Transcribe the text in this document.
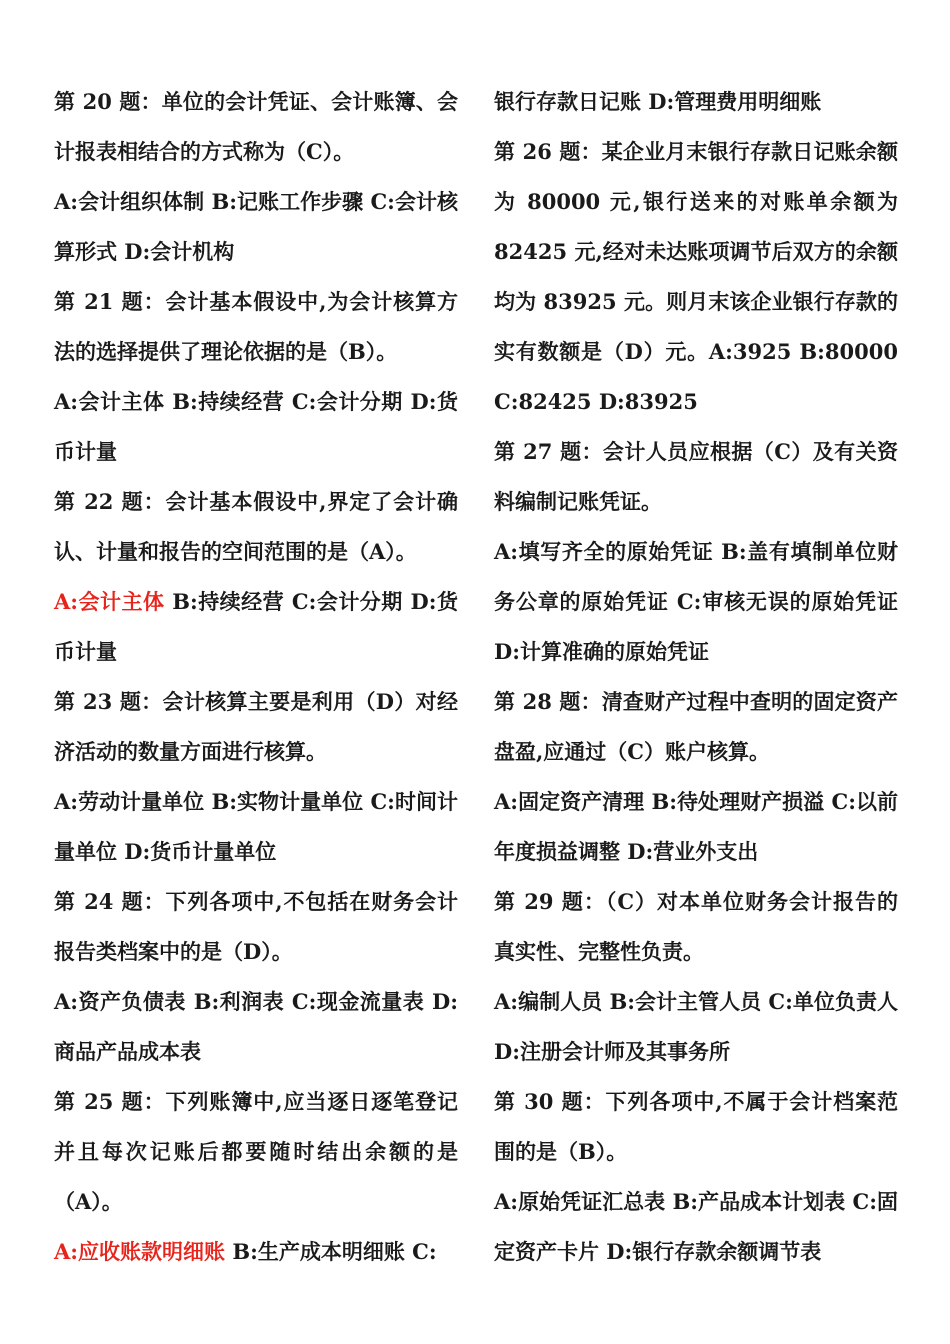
第 20 题：单位的会计凭证、会计账簿、会计报表相结合的方式称为（C）。

A:会计组织体制 B:记账工作步骤 C:会计核算形式 D:会计机构

第 21 题：会计基本假设中,为会计核算方法的选择提供了理论依据的是（B）。

A:会计主体 B:持续经营 C:会计分期 D:货币计量

第 22 题：会计基本假设中,界定了会计确认、计量和报告的空间范围的是（A）。

A:会计主体 B:持续经营 C:会计分期 D:货币计量

第 23 题：会计核算主要是利用（D）对经济活动的数量方面进行核算。

A:劳动计量单位 B:实物计量单位 C:时间计量单位 D:货币计量单位

第 24 题：下列各项中,不包括在财务会计报告类档案中的是（D）。

A:资产负债表 B:利润表 C:现金流量表 D:商品产品成本表

第 25 题：下列账簿中,应当逐日逐笔登记并且每次记账后都要随时结出余额的是（A）。

A:应收账款明细账 B:生产成本明细账 C:

银行存款日记账 D:管理费用明细账

第 26 题：某企业月末银行存款日记账余额为 80000 元,银行送来的对账单余额为 82425 元,经对未达账项调节后双方的余额均为 83925 元。则月末该企业银行存款的实有数额是（D）元。A:3925 B:80000 C:82425 D:83925

第 27 题：会计人员应根据（C）及有关资料编制记账凭证。

A:填写齐全的原始凭证 B:盖有填制单位财务公章的原始凭证 C:审核无误的原始凭证 D:计算准确的原始凭证

第 28 题：清查财产过程中查明的固定资产盘盈,应通过（C）账户核算。

A:固定资产清理 B:待处理财产损溢 C:以前年度损益调整 D:营业外支出

第 29 题：（C）对本单位财务会计报告的真实性、完整性负责。

A:编制人员 B:会计主管人员 C:单位负责人 D:注册会计师及其事务所

第 30 题：下列各项中,不属于会计档案范围的是（B）。

A:原始凭证汇总表 B:产品成本计划表 C:固定资产卡片 D:银行存款余额调节表
